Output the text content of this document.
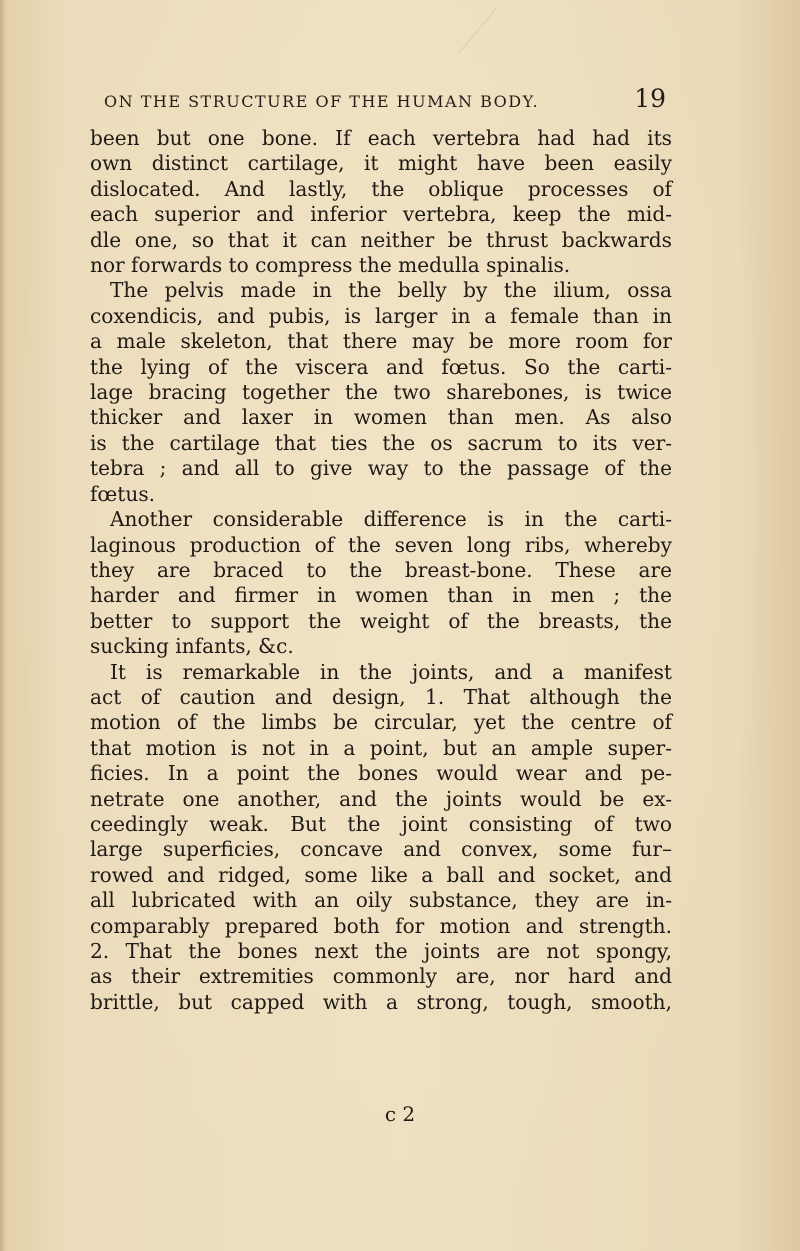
ON THE STRUCTURE OF THE HUMAN BODY.	19
been but one bone. If each vertebra had had its
own distinct cartilage, it might have been easily
dislocated. And lastly, the oblique processes of
each superior and inferior vertebra, keep the mid-
dle one, so that it can neither be thrust backwards
nor forwards to compress the medulla spinalis.
The pelvis made in the belly by the ilium, ossa
coxendicis, and pubis, is larger in a female than in
a male skeleton, that there may be more room for
the lying of the viscera and fœtus. So the carti-
lage bracing together the two sharebones, is twice
thicker and laxer in women than men. As also
is the cartilage that ties the os sacrum to its ver-
tebra ; and all to give way to the passage of the
fœtus.
Another considerable difference is in the carti-
laginous production of the seven long ribs, whereby
they are braced to the breast-bone. These are
harder and firmer in women than in men ; the
better to support the weight of the breasts, the
sucking infants, &c.
It is remarkable in the joints, and a manifest
act of caution and design, 1. That although the
motion of the limbs be circular, yet the centre of
that motion is not in a point, but an ample super-
ficies. In a point the bones would wear and pe-
netrate one another, and the joints would be ex-
ceedingly weak. But the joint consisting of two
large superficies, concave and convex, some fur–
rowed and ridged, some like a ball and socket, and
all lubricated with an oily substance, they are in-
comparably prepared both for motion and strength.
2. That the bones next the joints are not spongy,
as their extremities commonly are, nor hard and
brittle, but capped with a strong, tough, smooth,
c 2
